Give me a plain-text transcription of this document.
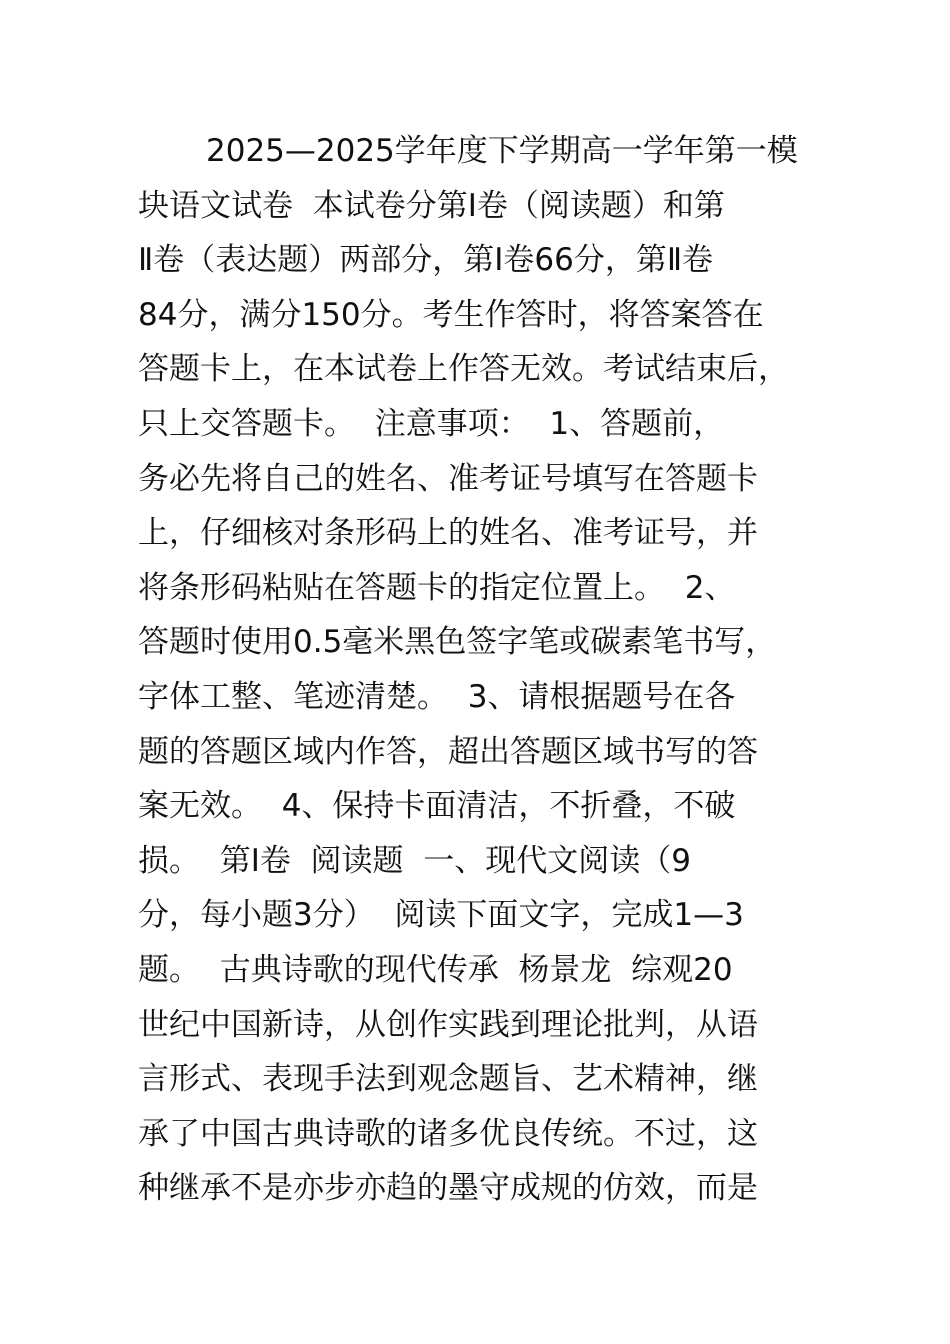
2025—2025学年度下学期高一学年第一模
块语文试卷  本试卷分第Ⅰ卷（阅读题）和第
Ⅱ卷（表达题）两部分，第Ⅰ卷66分，第Ⅱ卷
84分，满分150分。考生作答时，将答案答在
答题卡上，在本试卷上作答无效。考试结束后，
只上交答题卡。  注意事项：  1、答题前，
务必先将自己的姓名、准考证号填写在答题卡
上，仔细核对条形码上的姓名、准考证号，并
将条形码粘贴在答题卡的指定位置上。  2、
答题时使用0.5毫米黑色签字笔或碳素笔书写，
字体工整、笔迹清楚。  3、请根据题号在各
题的答题区域内作答，超出答题区域书写的答
案无效。  4、保持卡面清洁，不折叠，不破
损。  第Ⅰ卷  阅读题  一、现代文阅读（9
分，每小题3分）  阅读下面文字，完成1—3
题。  古典诗歌的现代传承  杨景龙  综观20
世纪中国新诗，从创作实践到理论批判，从语
言形式、表现手法到观念题旨、艺术精神，继
承了中国古典诗歌的诸多优良传统。不过，这
种继承不是亦步亦趋的墨守成规的仿效，而是
